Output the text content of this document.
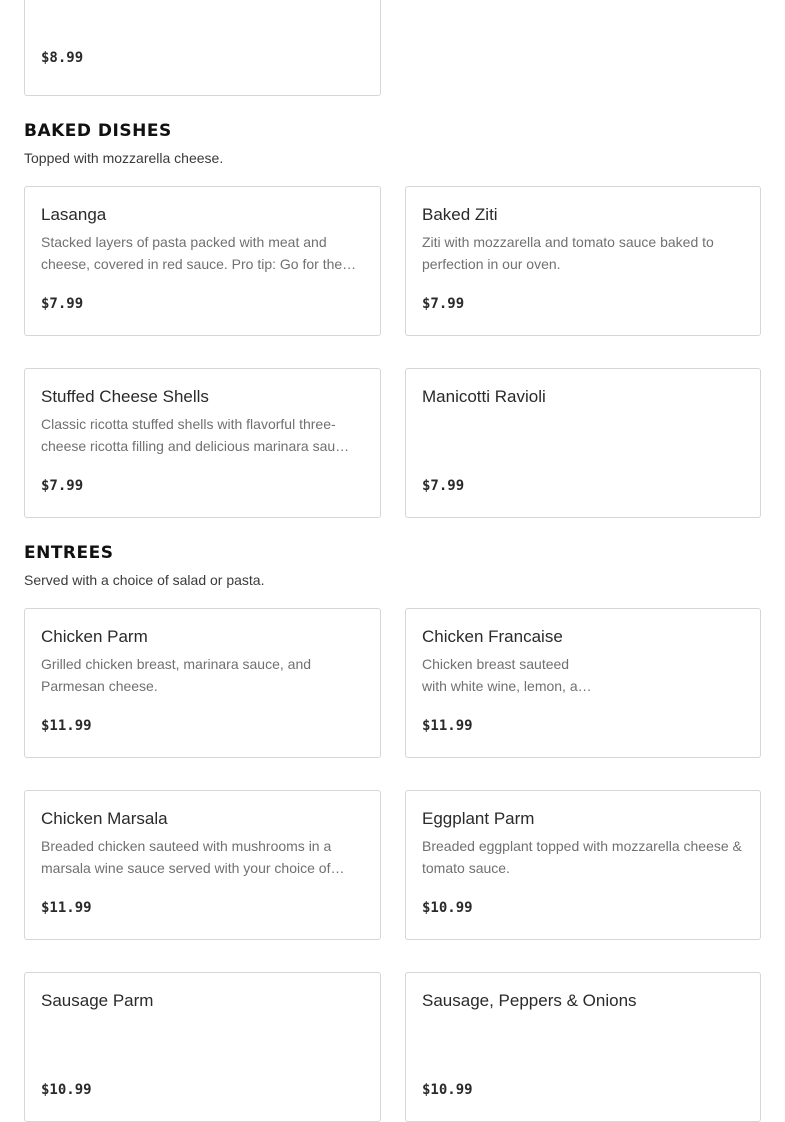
$8.99
BAKED DISHES
Topped with mozzarella cheese.
Lasanga
Stacked layers of pasta packed with meat and cheese, covered in red sauce. Pro tip: Go for the…
$7.99
Baked Ziti
Ziti with mozzarella and tomato sauce baked to perfection in our oven.
$7.99
Stuffed Cheese Shells
Classic ricotta stuffed shells with flavorful three-cheese ricotta filling and delicious marinara sau…
$7.99
Manicotti Ravioli
$7.99
ENTREES
Served with a choice of salad or pasta.
Chicken Parm
Grilled chicken breast, marinara sauce, and Parmesan cheese.
$11.99
Chicken Francaise
Chicken breast sauteed
with white wine, lemon, a…
$11.99
Chicken Marsala
Breaded chicken sauteed with mushrooms in a marsala wine sauce served with your choice of…
$11.99
Eggplant Parm
Breaded eggplant topped with mozzarella cheese & tomato sauce.
$10.99
Sausage Parm
$10.99
Sausage, Peppers & Onions
$10.99
